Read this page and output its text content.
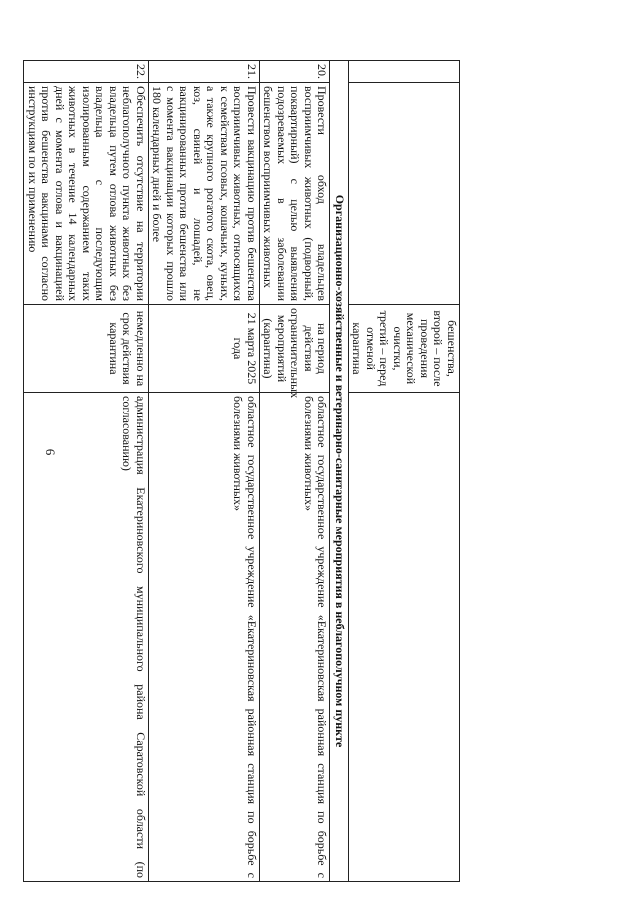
6
		бешенства, второй – после проведения механической очистки, третий – перед отменой карантина	
Организационно-хозяйственные и ветеринарно-санитарные мероприятия в неблагополучном пункте			
20.	Провести обход владельцев восприимчивых животных (подворный, поквартирный) с целью выявления подозреваемых в заболевании бешенством восприимчивых животных	на период действия ограничительных мероприятий (карантина)	областное государственное учреждение «Екатериновская районная станция по борьбе с болезнями животных»
21.	Провести вакцинацию против бешенства восприимчивых животных, относящихся к семействам псовых, кошачьих, куньих, а также крупного рогатого скота, овец, коз, свиней и лошадей, не вакцинированных против бешенства или с момента вакцинации которых прошло 180 календарных дней и более	21 марта 2025 года	областное государственное учреждение «Екатериновская районная станция по борьбе с болезнями животных»
22.	Обеспечить отсутствие на территории неблагополучного пункта животных без владельца путем отлова животных без владельца с последующим изолированным содержанием таких животных в течение 14 календарных дней с момента отлова и вакцинацией против бешенства вакцинами согласно инструкциям по их применению	немедленно на срок действия карантина	администрация Екатериновского муниципального района Саратовской области (по согласованию)
